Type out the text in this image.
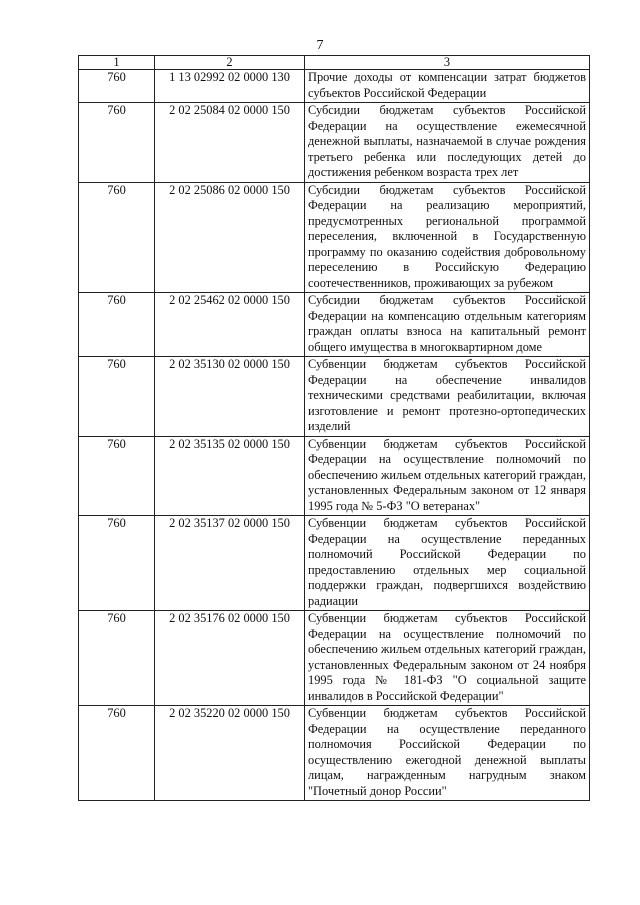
7
1	2	3
760	1 13 02992 02 0000 130	Прочие доходы от компенсации затрат бюджетов субъектов Российской Федерации
760	2 02 25084 02 0000 150	Субсидии бюджетам субъектов Российской Федерации на осуществление ежемесячной денежной выплаты, назначаемой в случае рождения третьего ребенка или последующих детей до достижения ребенком возраста трех лет
760	2 02 25086 02 0000 150	Субсидии бюджетам субъектов Российской Федерации на реализацию мероприятий, предусмотренных региональной программой переселения, включенной в Государственную программу по оказанию содействия добровольному переселению в Российскую Федерацию соотечественников, проживающих за рубежом
760	2 02 25462 02 0000 150	Субсидии бюджетам субъектов Российской Федерации на компенсацию отдельным категориям граждан оплаты взноса на капитальный ремонт общего имущества в многоквартирном доме
760	2 02 35130 02 0000 150	Субвенции бюджетам субъектов Российской Федерации на обеспечение инвалидов техническими средствами реабилитации, включая изготовление и ремонт протезно-ортопедических изделий
760	2 02 35135 02 0000 150	Субвенции бюджетам субъектов Российской Федерации на осуществление полномочий по обеспечению жильем отдельных категорий граждан, установленных Федеральным законом от 12 января 1995 года № 5-ФЗ "О ветеранах"
760	2 02 35137 02 0000 150	Субвенции бюджетам субъектов Российской Федерации на осуществление переданных полномочий Российской Федерации по предоставлению отдельных мер социальной поддержки граждан, подвергшихся воздействию радиации
760	2 02 35176 02 0000 150	Субвенции бюджетам субъектов Российской Федерации на осуществление полномочий по обеспечению жильем отдельных категорий граждан, установленных Федеральным законом от 24 ноября 1995 года № 181-ФЗ "О социальной защите инвалидов в Российской Федерации"
760	2 02 35220 02 0000 150	Субвенции бюджетам субъектов Российской Федерации на осуществление переданного полномочия Российской Федерации по осуществлению ежегодной денежной выплаты лицам, награжденным нагрудным знаком "Почетный донор России"
